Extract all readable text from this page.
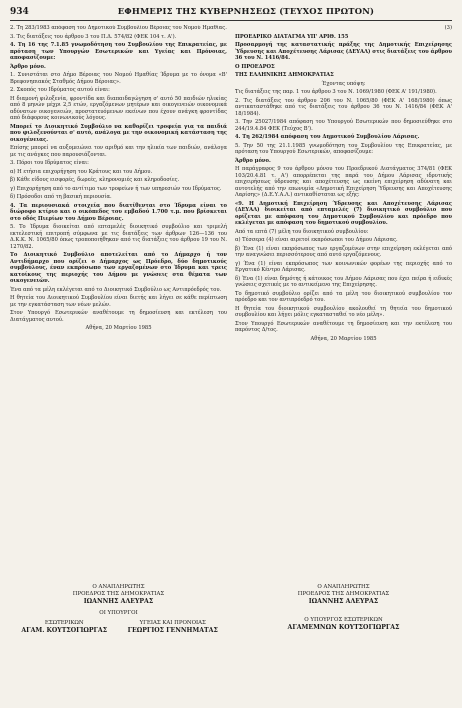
934	ΕΦΗΜΕΡΙΣ ΤΗΣ ΚΥΒΕΡΝΗΣΕΩΣ (ΤΕΥΧΟΣ ΠΡΩΤΟΝ)

2. Τη 283/1983 απόφαση του Δημοτικού Συμβουλίου Βέροιας του Νομού Ημαθίας.

3. Τις διατάξεις του άρθρου 3 του Π.Δ. 574/82 (ΦΕΚ 104 τ. Α').

4. Τη 16 της 7.1.85 γνωμοδότηση του Συμβουλίου της Επικρατείας, με πρόταση των Υπουργών Εσωτερικών και Υγείας και Πρόνοιας, αποφασίζουμε:

Άρθρο μόνο.

1. Συνιστάται στο Δήμο Βέροιας του Νομού Ημαθίας Ίδρυμα με το όνομα «Β' Βρεφονηπιακός Σταθμός Δήμου Βέροιας».

2. Σκοπός του Ιδρύματος αυτού είναι:

Η διαμονή φιλοξενία, φροντίδα και διαπαιδαγώγηση σ' αυτό 50 παιδιών ηλικίας από 8 μηνών μέχρι 2,5 ετών, εργαζόμενων μητέρων και οικογενειών οικονομικά αδύνατων οικογενειών, προστατευόμενων εκείνων που έχουν ανάγκη φροντίδας από διάφορους κοινωνικούς λόγους.

Μπορεί το Διοικητικό Συμβούλιο να καθορίζει τροφεία για τα παιδιά που φιλοξενούνται σ' αυτό, ανάλογα με την οικονομική κατάσταση της οικογένειας.

Επίσης μπορεί να αυξομειώνει τον αριθμό και την ηλικία των παιδιών, ανάλογα με τις ανάγκες που παρουσιάζονται.

3. Πόροι του Ιδρύματος είναι:

α) Η ετήσια επιχορήγηση του Κράτους και του Δήμου.

β) Κάθε είδους εισφορές, δωρεές, κληρονομιές και κληροδοσίες.

γ) Επιχορήγηση από το αντίτιμο των τροφείων ή των υπηρεσιών του Ιδρύματος.

δ) Πρόσοδοι από τη βασική περιουσία.

4. Τα περιουσιακά στοιχεία που διατίθενται στο Ίδρυμα είναι το διώροφο κτίριο και ο οικόπεδος του εμβαδού 1.700 τ.μ. που βρίσκεται στο οδός Πιερίων του Δήμου Βέροιας.

5. Το Ίδρυμα διοικείται από επταμελές διοικητικό συμβούλιο και τριμελή εκτελεστική επιτροπή σύμφωνα με τις διατάξεις των άρθρων 126—136 του Δ.Κ.Κ. Ν. 1065/80 όπως τροποποιήθηκαν από τις διατάξεις του άρθρου 19 του Ν. 1270/82.

Το Διοικητικό Συμβούλιο αποτελείται από το Δήμαρχο ή τον Αντιδήμαρχο που ορίζει ο Δήμαρχος ως Πρόεδρο, δύο δημοτικούς συμβούλους, έναν εκπρόσωπο των εργαζομένων στο Ίδρυμα και τρεις κατοίκους της περιοχής του Δήμου με γνώσεις στα θέματα των οικογενειών.

Ένα από τα μέλη εκλέγεται από το Διοικητικό Συμβούλιο ως Αντιπρόεδρός του.

Η θητεία του Διοικητικού Συμβουλίου είναι διετής και λήγει σε κάθε περίπτωση με την εγκατάσταση των νέων μελών.

Στον Υπουργό Εσωτερικών αναθέτουμε τη δημοσίευση και εκτέλεση του Διατάγματος αυτού.

Αθήνα, 20 Μαρτίου 1985

(3)

ΠΡΟΕΔΡΙΚΟ ΔΙΑΤΑΓΜΑ ΥΠ' ΑΡΙΘ. 155

Προσαρμογή της καταστατικής πράξης της Δημοτικής Επιχείρησης Ύδρευσης και Αποχέτευσης Λάρισας (ΔΕΥΑΛ) στις διατάξεις του άρθρου 36 του Ν. 1416/84.

Ο ΠΡΟΕΔΡΟΣ

ΤΗΣ ΕΛΛΗΝΙΚΗΣ ΔΗΜΟΚΡΑΤΙΑΣ

Έχοντας υπόψη:

Τις διατάξεις της παρ. 1 του άρθρου 3 του Ν. 1069/1980 (ΦΕΚ Α' 191/1980).

2. Τις διατάξεις του άρθρου 206 του Ν. 1065/80 (ΦΕΚ Α' 168/1980) όπως αντικαταστάθηκε από τις διατάξεις του άρθρου 36 του Ν. 1416/84 (ΦΕΚ Α' 18/1984).

3. Την 25027/1984 απόφαση του Υπουργού Εσωτερικών που δημοσιεύθηκε στο 244/19.4.84 ΦΕΚ (Τεύχος Β').

4. Τη 262/1984 απόφαση του Δημοτικού Συμβουλίου Λάρισας.

5. Την 50 της 21.1.1985 γνωμοδότηση του Συμβουλίου της Επικρατείας, με πρόταση του Υπουργού Εσωτερικών, αποφασίζουμε:

Άρθρο μόνο.

Η παράγραφος 9 του άρθρου μόνου του Προεδρικού Διατάγματος 374/81 (ΦΕΚ 103/20.4.81 τ. Α') απορρέπεται της παρά του Δήμου Λάρισας ιδρυτικής επιχειρήσεως ύδρευσης και αποχέτευσης ως εκείνη επιχείρηση αδύνατη και αυτοτελής από την επωνυμία «Δημοτική Επιχείρηση Ύδρευσης και Αποχέτευσης Λαρίσης» (Δ.Ε.Υ.Α.Λ.) αντικαθίσταται ως εξής:

«9. Η Δημοτική Επιχείρηση Ύδρευσης και Αποχέτευσης Λάρισας (ΔΕΥΑΛ) διοικείται από επταμελές (7) διοικητικό συμβούλιο που ορίζεται με απόφαση του Δημοτικού Συμβουλίου και πρόεδρο που εκλέγεται με απόφαση του δημοτικού συμβουλίου.

Από τα επτά (7) μέλη του διοικητικού συμβουλίου:

α) Τέσσερα (4) είναι αιρετοί εκπρόσωποι του Δήμου Λάρισας.

β) Ένα (1) είναι εκπρόσωπος των εργαζομένων στην επιχείρηση εκλέγεται από την αναγνώσει περισσότερους από αυτό εργαζόμενους.

γ) Ένα (1) είναι εκπρόσωπος των κοινωνικών φορέων της περιοχής από το Εργατικό Κέντρο Λάρισας.

δ) Ένα (1) είναι δημότης ή κάτοικος του Δήμου Λάρισας που έχει πείρα ή ειδικές γνώσεις σχετικές με το αντικείμενο της Επιχείρησης.

Το δημοτικό συμβούλιο ορίζει από τα μέλη του διοικητικού συμβουλίου τον πρόεδρο και τον αντιπρόεδρό του.

Η θητεία του διοικητικού συμβουλίου ακολουθεί τη θητεία του δημοτικού συμβουλίου και λήγει μόλις εγκατασταθεί το νέο μέλη».

Στον Υπουργό Εσωτερικών αναθέτουμε τη δημοσίευση και την εκτέλεση του παρόντος Δ/τος.

Αθήνα, 20 Μαρτίου 1985

Ο ΑΝΑΠΛΗΡΩΤΗΣ

ΠΡΟΕΔΡΟΣ ΤΗΣ ΔΗΜΟΚΡΑΤΙΑΣ

ΙΩΑΝΝΗΣ ΑΛΕΥΡΑΣ

ΟΙ ΥΠΟΥΡΓΟΙ

ΕΣΩΤΕΡΙΚΩΝ

ΑΓΑΜ. ΚΟΥΤΣΟΓΙΩΡΓΑΣ

ΥΓΕΙΑΣ ΚΑΙ ΠΡΟΝΟΙΑΣ

ΓΕΩΡΓΙΟΣ ΓΕΝΝΗΜΑΤΑΣ

Ο ΑΝΑΠΛΗΡΩΤΗΣ

ΠΡΟΕΔΡΟΣ ΤΗΣ ΔΗΜΟΚΡΑΤΙΑΣ

ΙΩΑΝΝΗΣ ΑΛΕΥΡΑΣ

Ο ΥΠΟΥΡΓΟΣ ΕΣΩΤΕΡΙΚΩΝ

ΑΓΑΜΕΜΝΩΝ ΚΟΥΤΣΟΓΙΩΡΓΑΣ
